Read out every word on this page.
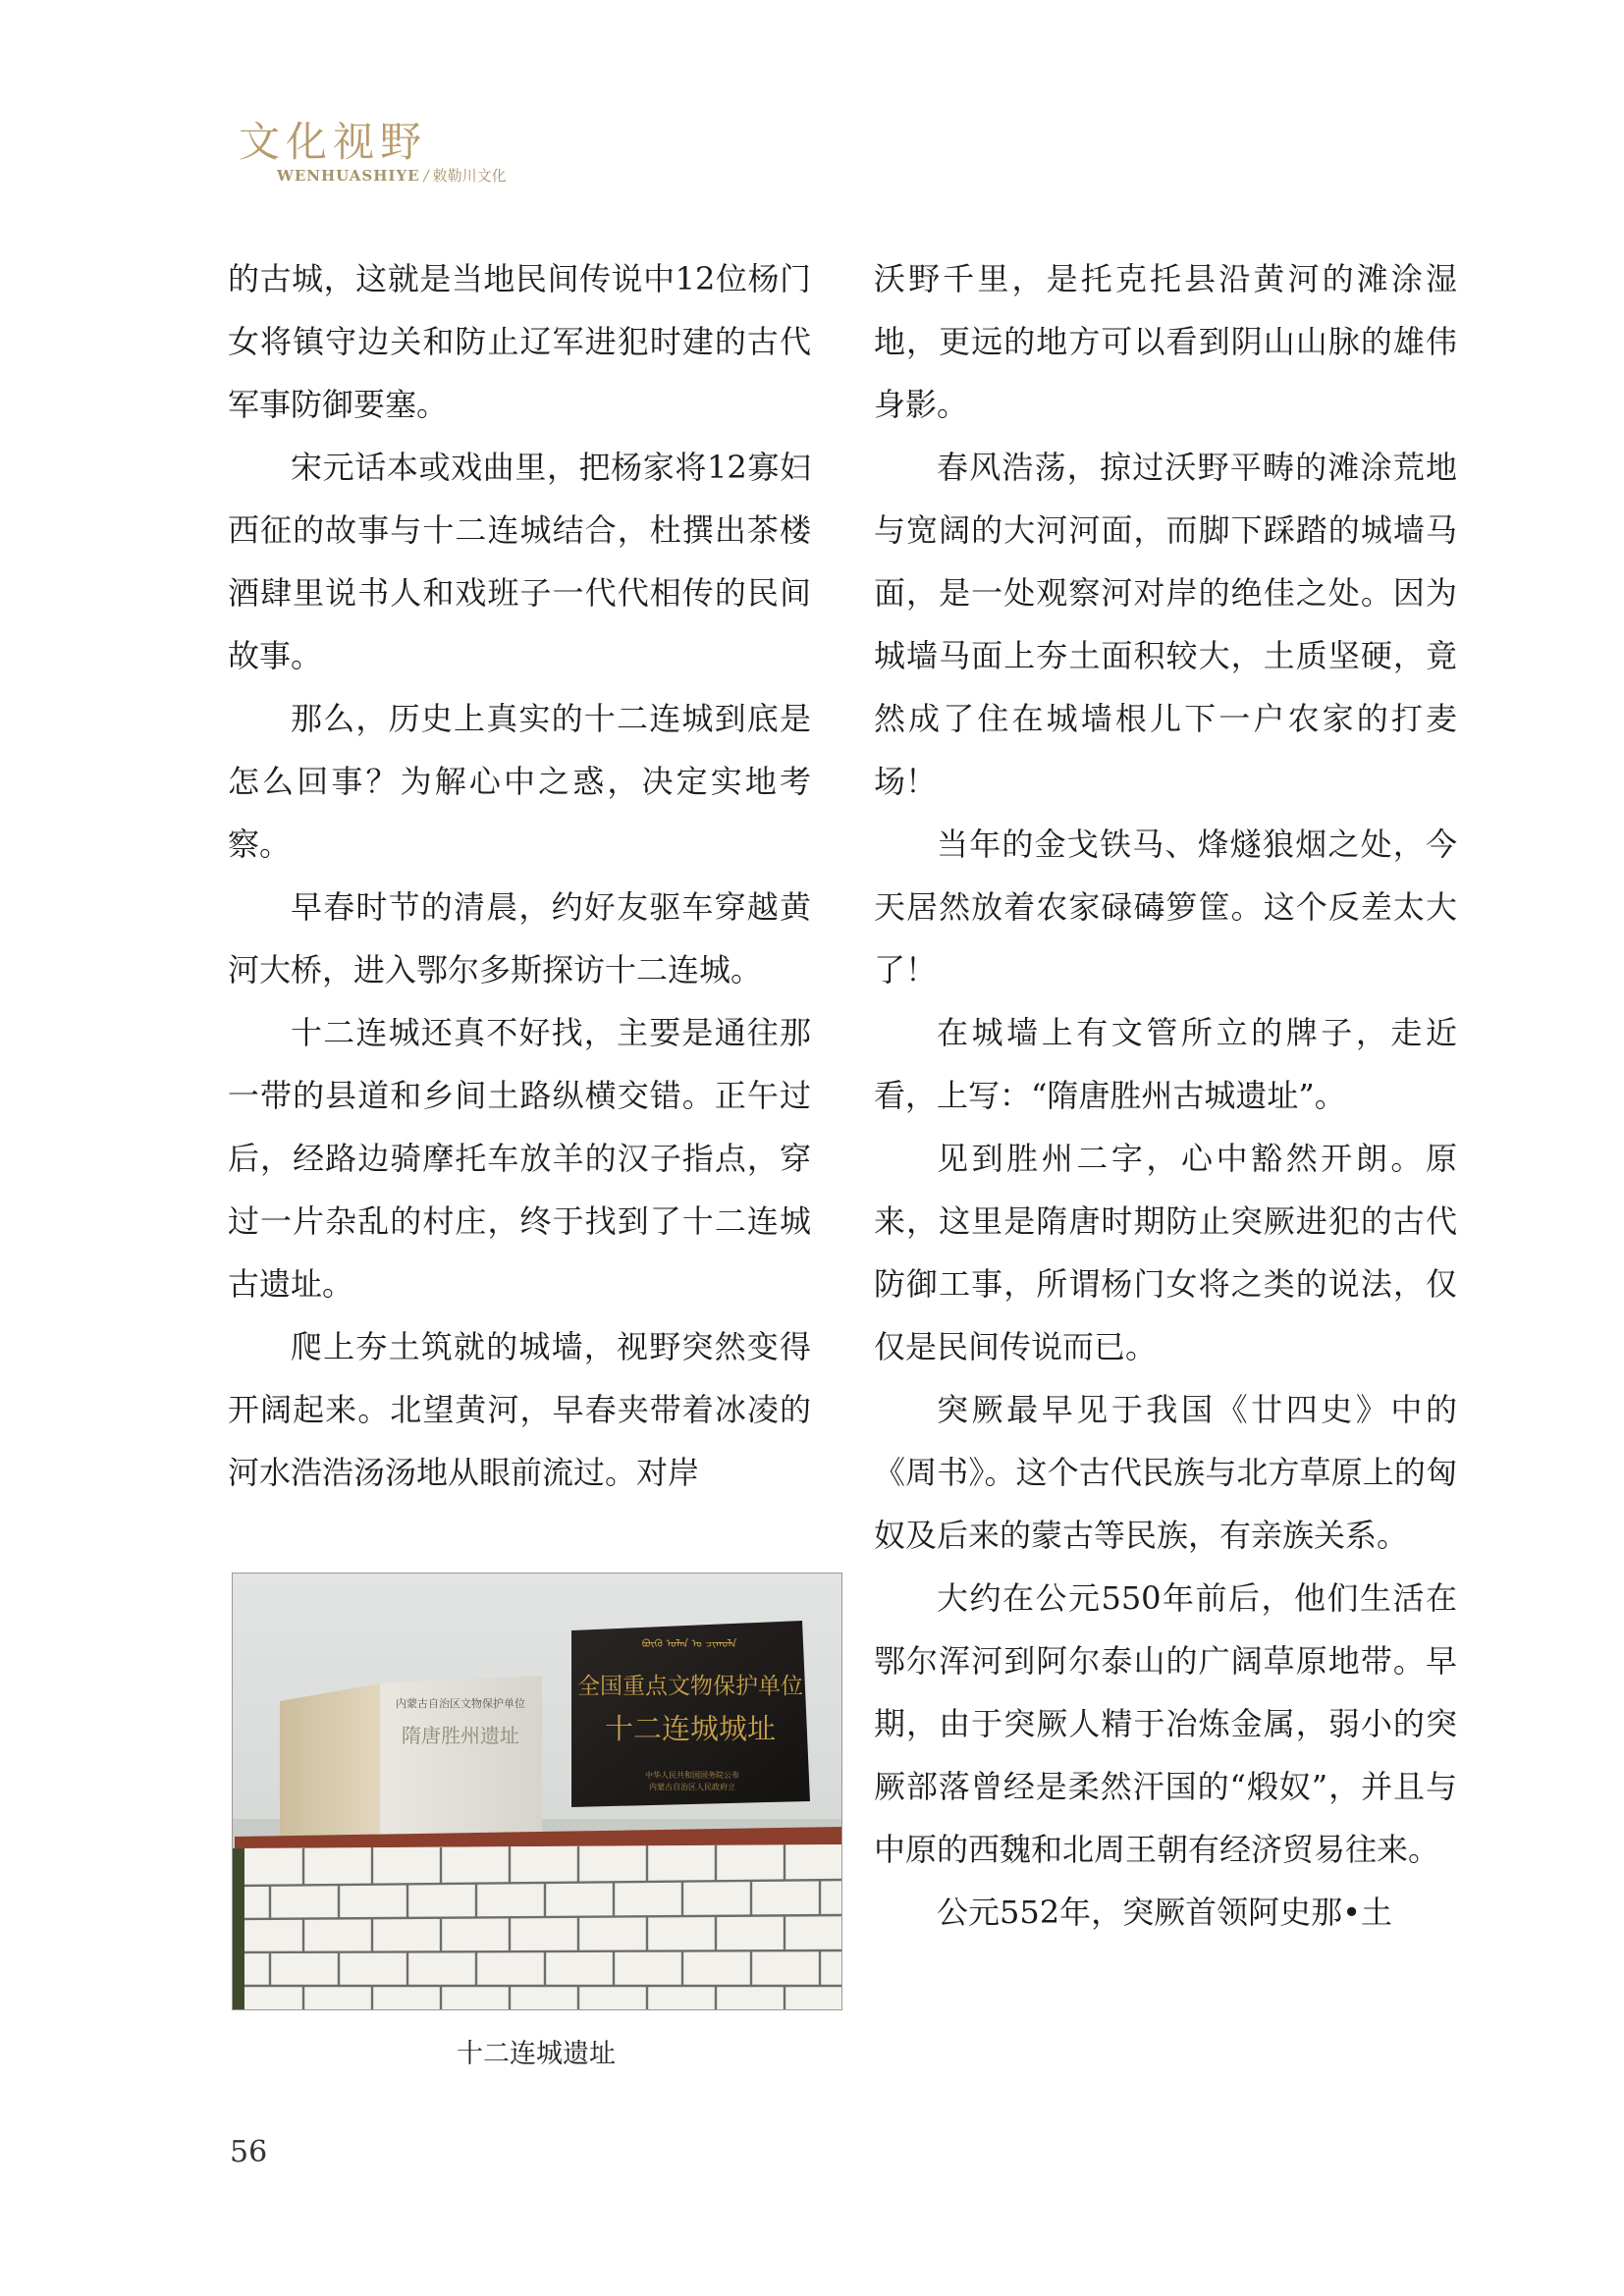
文化视野
WENHUASHIYE / 敕勒川文化

的古城，这就是当地民间传说中12位杨门女将镇守边关和防止辽军进犯时建的古代军事防御要塞。

宋元话本或戏曲里，把杨家将12寡妇西征的故事与十二连城结合，杜撰出茶楼酒肆里说书人和戏班子一代代相传的民间故事。

那么，历史上真实的十二连城到底是怎么回事？为解心中之惑，决定实地考察。

早春时节的清晨，约好友驱车穿越黄河大桥，进入鄂尔多斯探访十二连城。

十二连城还真不好找，主要是通往那一带的县道和乡间土路纵横交错。正午过后，经路边骑摩托车放羊的汉子指点，穿过一片杂乱的村庄，终于找到了十二连城古遗址。

爬上夯土筑就的城墙，视野突然变得开阔起来。北望黄河，早春夹带着冰凌的河水浩浩汤汤地从眼前流过。对岸

内蒙古自治区文物保护单位
隋唐胜州遗址
ᠪᠦᠬᠦ ᠣᠯᠠᠨ ᠤ ᠴᠢᠬᠤᠯᠠ
全国重点文物保护单位
十二连城城址
中华人民共和国国务院公布
内蒙古自治区人民政府立
十二连城遗址

沃野千里，是托克托县沿黄河的滩涂湿地，更远的地方可以看到阴山山脉的雄伟身影。

春风浩荡，掠过沃野平畴的滩涂荒地与宽阔的大河河面，而脚下踩踏的城墙马面，是一处观察河对岸的绝佳之处。因为城墙马面上夯土面积较大，土质坚硬，竟然成了住在城墙根儿下一户农家的打麦场！

当年的金戈铁马、烽燧狼烟之处，今天居然放着农家碌碡箩筐。这个反差太大了！

在城墙上有文管所立的牌子，走近看，上写：“隋唐胜州古城遗址”。

见到胜州二字，心中豁然开朗。原来，这里是隋唐时期防止突厥进犯的古代防御工事，所谓杨门女将之类的说法，仅仅是民间传说而已。

突厥最早见于我国《廿四史》中的《周书》。这个古代民族与北方草原上的匈奴及后来的蒙古等民族，有亲族关系。

大约在公元550年前后，他们生活在鄂尔浑河到阿尔泰山的广阔草原地带。早期，由于突厥人精于冶炼金属，弱小的突厥部落曾经是柔然汗国的“煅奴”，并且与中原的西魏和北周王朝有经济贸易往来。

公元552年，突厥首领阿史那•土

56
